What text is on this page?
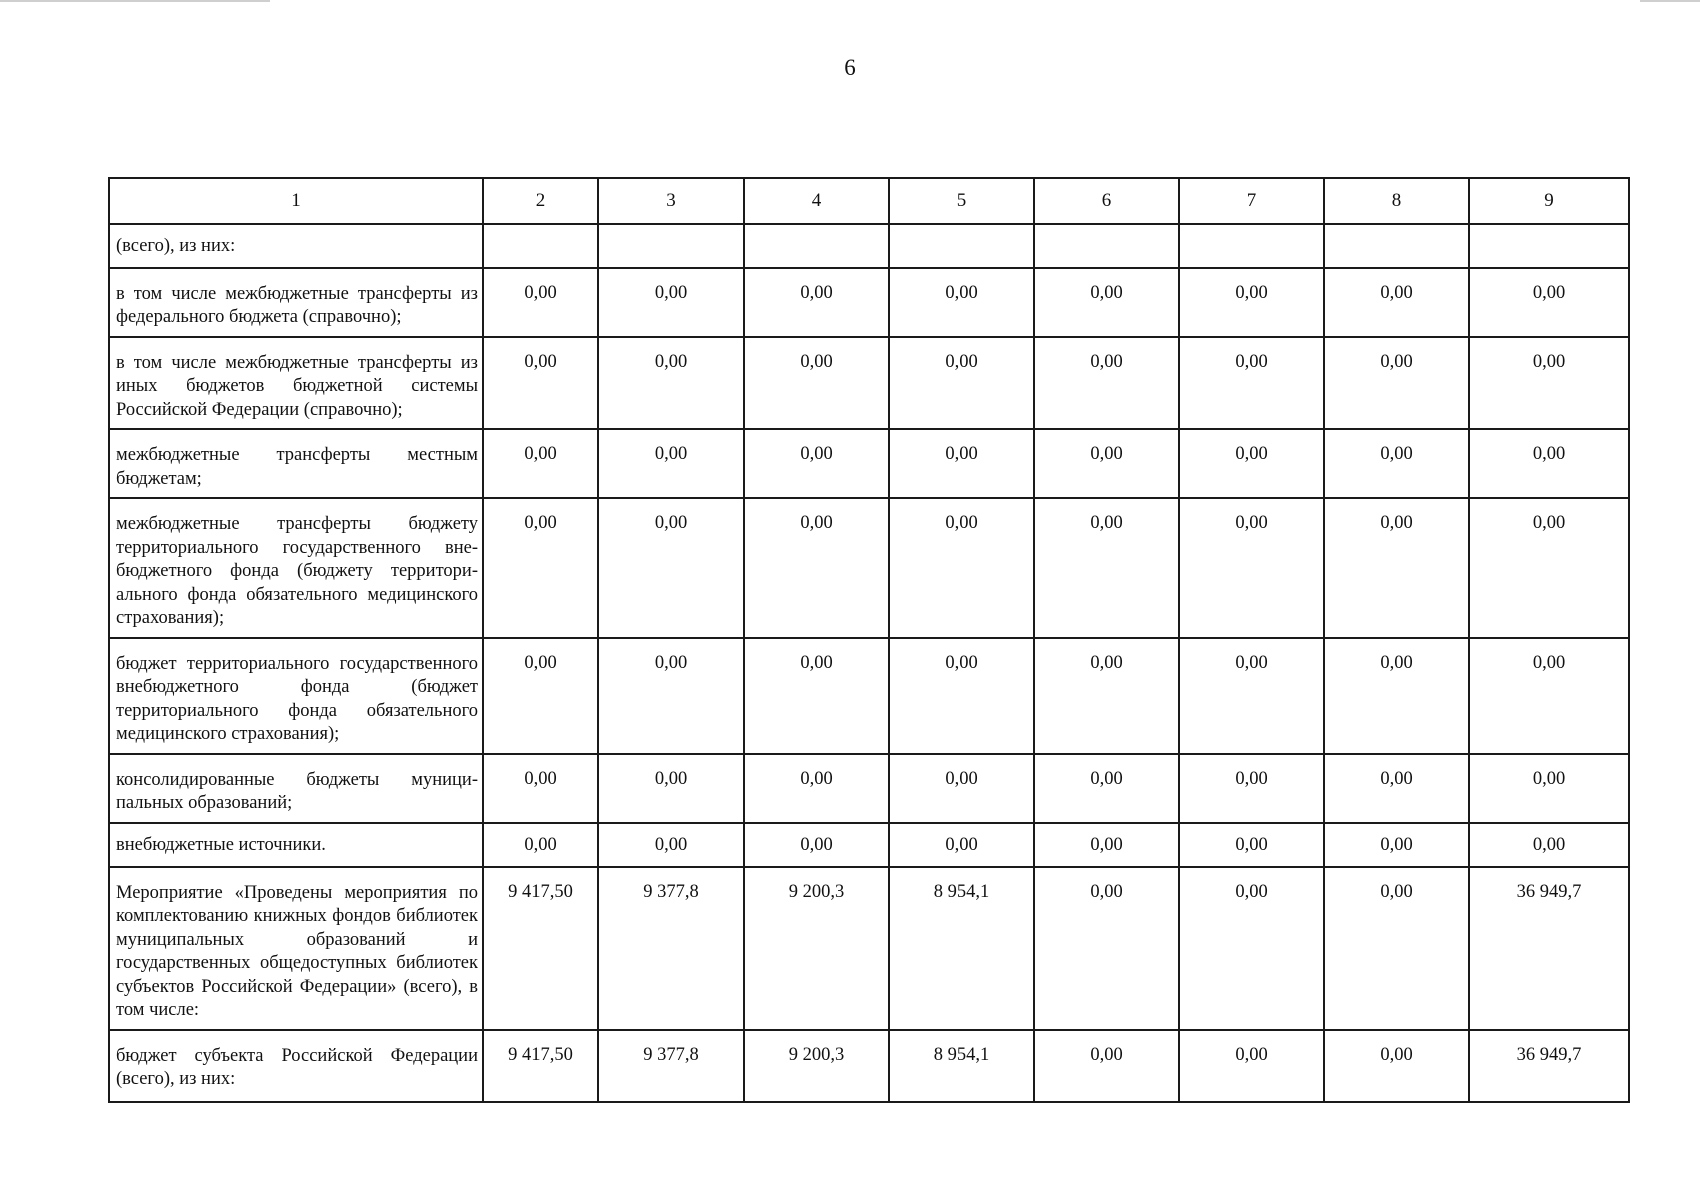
6
1	2	3	4	5	6	7	8	9
(всего), из них:								
в том числе межбюджетные трансферты из федерального бюджета (справочно);	0,00	0,00	0,00	0,00	0,00	0,00	0,00	0,00
в том числе межбюджетные трансферты из иных бюджетов бюджетной системы Российской Федерации (справочно);	0,00	0,00	0,00	0,00	0,00	0,00	0,00	0,00
межбюджетные трансферты местным бюджетам;	0,00	0,00	0,00	0,00	0,00	0,00	0,00	0,00
межбюджетные трансферты бюджету территориального государственного внебюджетного фонда (бюджету территориального фонда обязательного медицинского страхования);	0,00	0,00	0,00	0,00	0,00	0,00	0,00	0,00
бюджет территориального государственного внебюджетного фонда (бюджет территориального фонда обязательного медицинского страхования);	0,00	0,00	0,00	0,00	0,00	0,00	0,00	0,00
консолидированные бюджеты муниципальных образований;	0,00	0,00	0,00	0,00	0,00	0,00	0,00	0,00
внебюджетные источники.	0,00	0,00	0,00	0,00	0,00	0,00	0,00	0,00
Мероприятие «Проведены мероприятия по комплектованию книжных фондов библиотек муниципальных образований и государственных общедоступных библиотек субъектов Российской Федерации» (всего), в том числе:	9 417,50	9 377,8	9 200,3	8 954,1	0,00	0,00	0,00	36 949,7
бюджет субъекта Российской Федерации (всего), из них:	9 417,50	9 377,8	9 200,3	8 954,1	0,00	0,00	0,00	36 949,7
